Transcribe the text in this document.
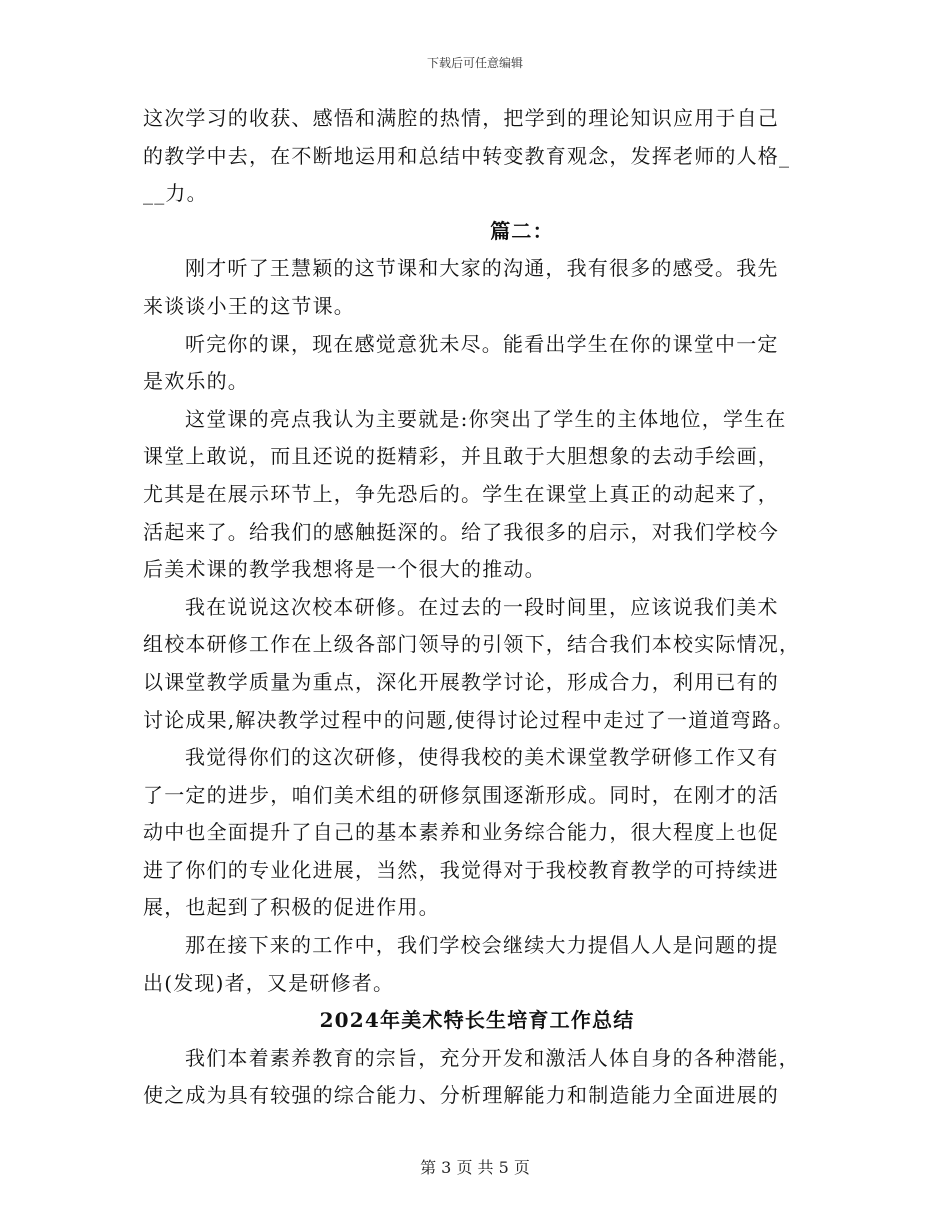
下载后可任意编辑
这次学习的收获、感悟和满腔的热情，把学到的理论知识应用于自己
的教学中去，在不断地运用和总结中转变教育观念，发挥老师的人格_
__力。
篇二：
刚才听了王慧颖的这节课和大家的沟通，我有很多的感受。我先
来谈谈小王的这节课。
听完你的课，现在感觉意犹未尽。能看出学生在你的课堂中一定
是欢乐的。
这堂课的亮点我认为主要就是:你突出了学生的主体地位，学生在
课堂上敢说，而且还说的挺精彩，并且敢于大胆想象的去动手绘画，
尤其是在展示环节上，争先恐后的。学生在课堂上真正的动起来了，
活起来了。给我们的感触挺深的。给了我很多的启示，对我们学校今
后美术课的教学我想将是一个很大的推动。
我在说说这次校本研修。在过去的一段时间里，应该说我们美术
组校本研修工作在上级各部门领导的引领下，结合我们本校实际情况，
以课堂教学质量为重点，深化开展教学讨论，形成合力，利用已有的
讨论成果,解决教学过程中的问题,使得讨论过程中走过了一道道弯路。
我觉得你们的这次研修，使得我校的美术课堂教学研修工作又有
了一定的进步，咱们美术组的研修氛围逐渐形成。同时，在刚才的活
动中也全面提升了自己的基本素养和业务综合能力，很大程度上也促
进了你们的专业化进展，当然，我觉得对于我校教育教学的可持续进
展，也起到了积极的促进作用。
那在接下来的工作中，我们学校会继续大力提倡人人是问题的提
出(发现)者，又是研修者。
2024年美术特长生培育工作总结
我们本着素养教育的宗旨，充分开发和激活人体自身的各种潜能，
使之成为具有较强的综合能力、分析理解能力和制造能力全面进展的
第 3 页 共 5 页
